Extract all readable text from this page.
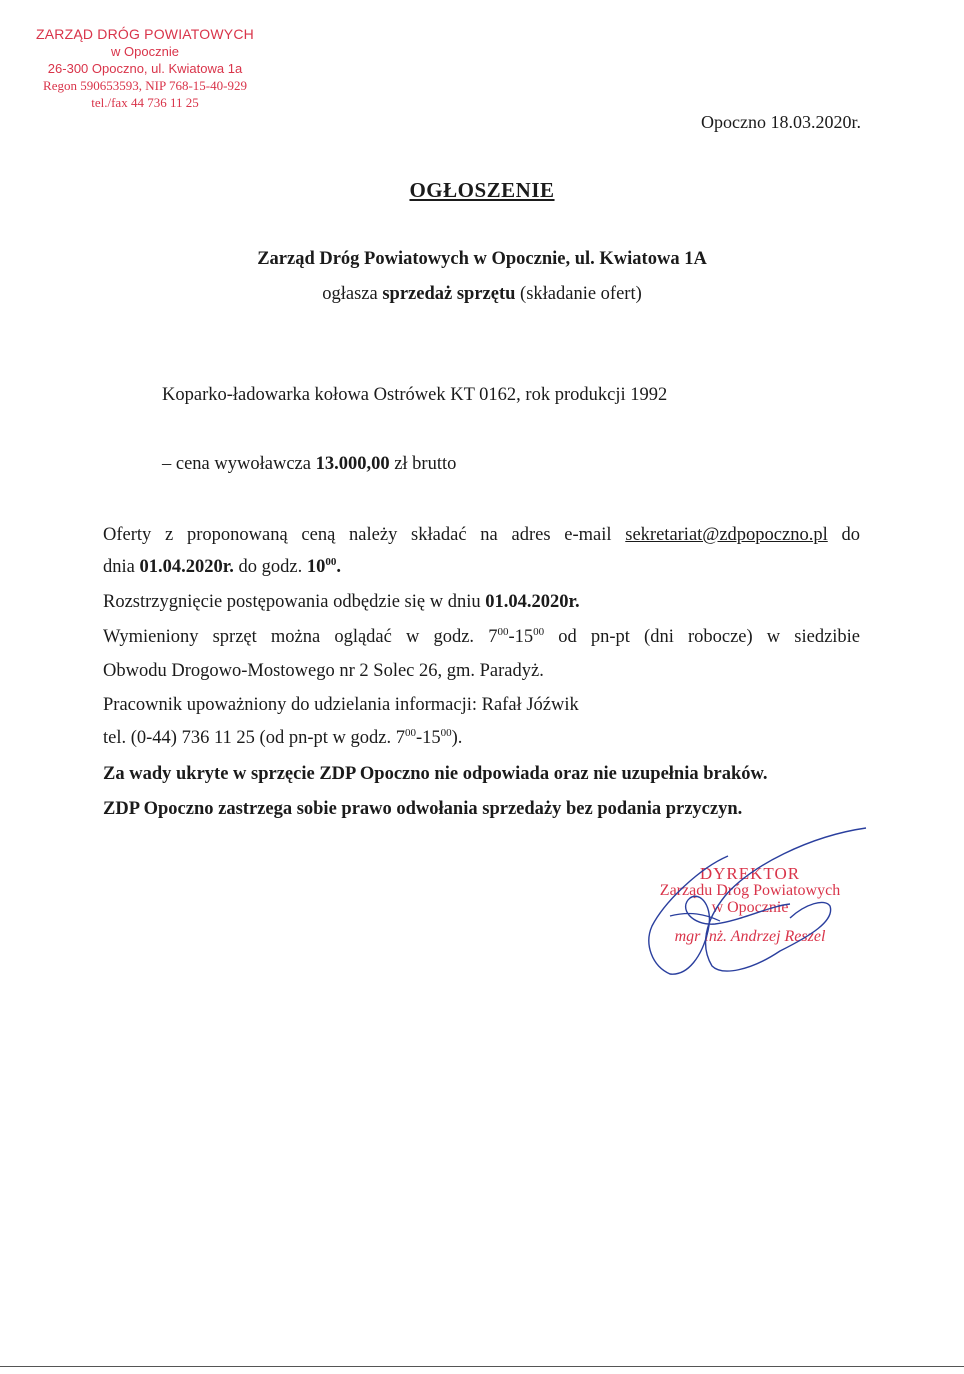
ZARZĄD DRÓG POWIATOWYCH
w Opocznie
26-300 Opoczno, ul. Kwiatowa 1a
Regon 590653593, NIP 768-15-40-929
tel./fax 44 736 11 25
Opoczno 18.03.2020r.
OGŁOSZENIE
Zarząd Dróg Powiatowych w Opocznie, ul. Kwiatowa 1A
ogłasza sprzedaż sprzętu (składanie ofert)
Koparko-ładowarka kołowa Ostrówek KT 0162, rok produkcji 1992
– cena wywoławcza 13.000,00 zł brutto
Oferty z proponowaną ceną należy składać na adres e-mail sekretariat@zdpopoczno.pl do
dnia 01.04.2020r. do godz. $10^{00}$.
Rozstrzygnięcie postępowania odbędzie się w dniu 01.04.2020r.
Wymieniony sprzęt można oglądać w godz. $7^{00}-15^{00}$ od pn-pt (dni robocze) w siedzibie
Obwodu Drogowo-Mostowego nr 2 Solec 26, gm. Paradyż.
Pracownik upoważniony do udzielania informacji: Rafał Jóźwik
tel. (0-44) 736 11 25 (od pn-pt w godz. $7^{00}-15^{00}$).
Za wady ukryte w sprzęcie ZDP Opoczno nie odpowiada oraz nie uzupełnia braków.
ZDP Opoczno zastrzega sobie prawo odwołania sprzedaży bez podania przyczyn.
DYREKTOR
Zarządu Dróg Powiatowych
w Opocznie
mgr inż. Andrzej Reszel
